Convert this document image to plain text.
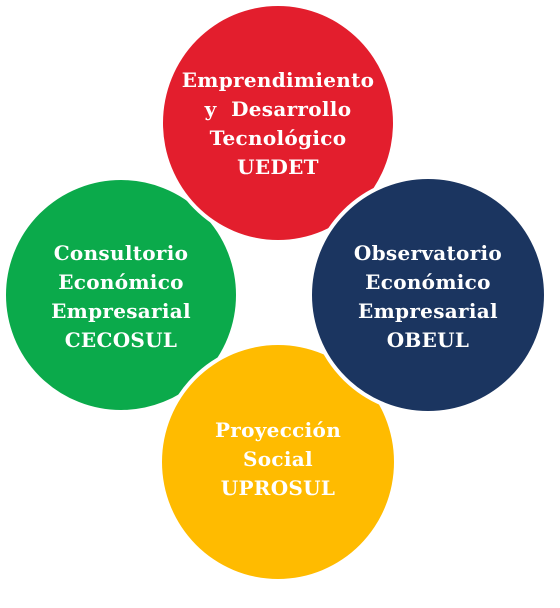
Consultorio
Económico
Empresarial
CECOSUL
Emprendimiento
y  Desarrollo
Tecnológico
UEDET
Proyección
Social
UPROSUL
Observatorio
Económico
Empresarial
OBEUL
